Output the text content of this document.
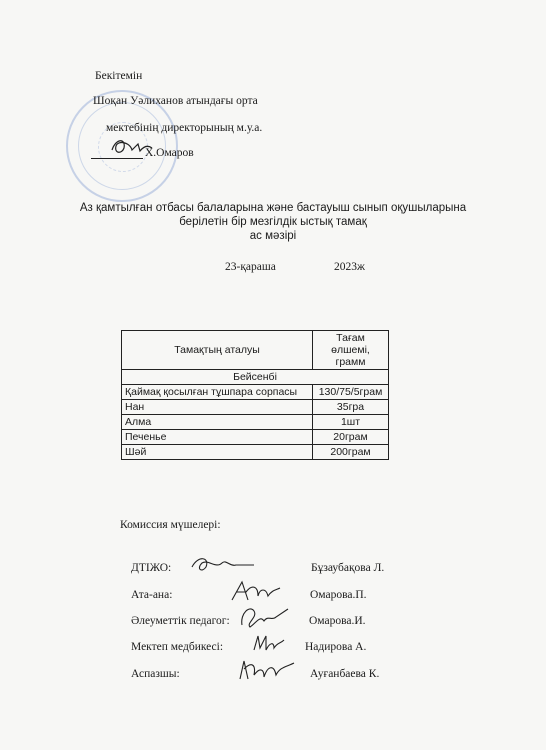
Бекітемін
Шоқан Уәлиханов атындағы орта
мектебінің директорының м.у.а.
Х.Омаров
Аз қамтылған отбасы балаларына және бастауыш сынып оқушыларына
берілетін бір мезгілдік ыстық тамақ
ас мәзірі
23-қараша	2023ж
Тамақтың аталуы	Тағам өлшемі, грамм
Бейсенбі	
Қаймақ қосылған тұшпара сорпасы	130/75/5грам
Нан	35гра
Алма	1шт
Печенье	20грам
Шәй	200грам
Комиссия мүшелері:
ДТІЖО:	Бұзаубақова Л.
Ата-ана:	Омарова.П.
Әлеуметтік педагог:	Омарова.И.
Мектеп медбикесі:	Надирова А.
Аспазшы:	Ауғанбаева К.
